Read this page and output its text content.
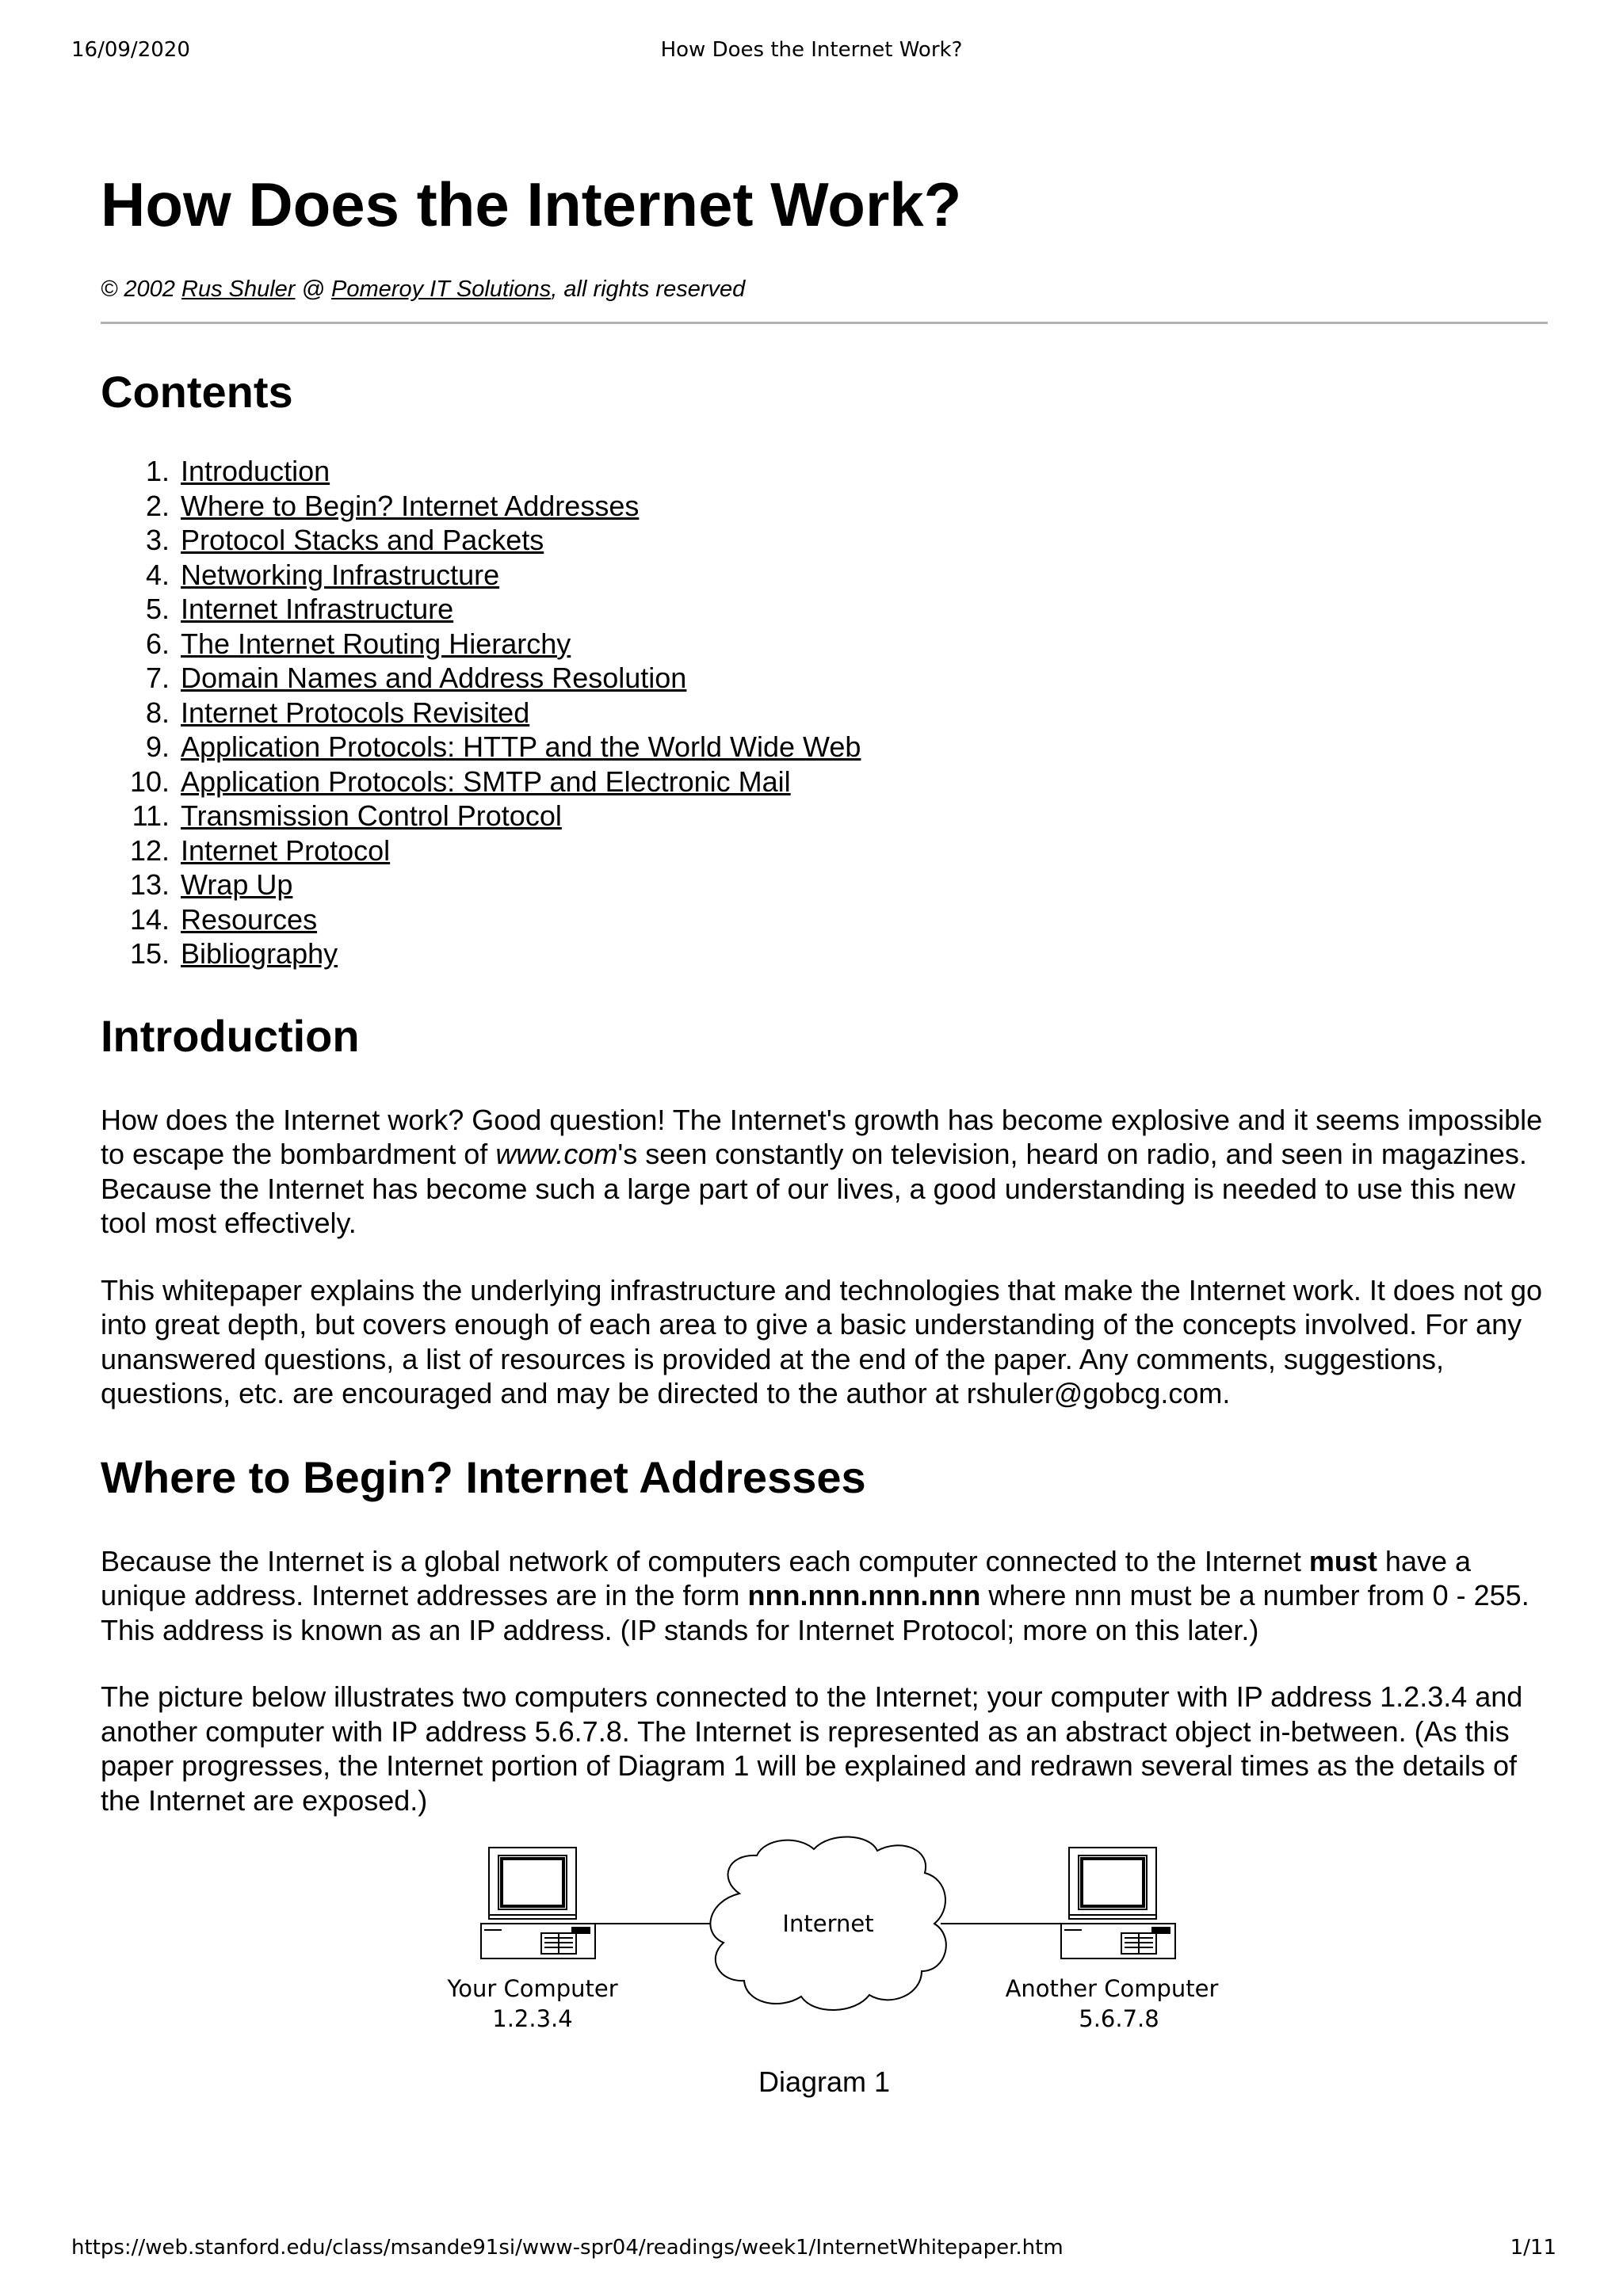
16/09/2020	How Does the Internet Work?
How Does the Internet Work?

© 2002 Rus Shuler @ Pomeroy IT Solutions, all rights reserved

Contents
1. Introduction
2. Where to Begin? Internet Addresses
3. Protocol Stacks and Packets
4. Networking Infrastructure
5. Internet Infrastructure
6. The Internet Routing Hierarchy
7. Domain Names and Address Resolution
8. Internet Protocols Revisited
9. Application Protocols: HTTP and the World Wide Web
10. Application Protocols: SMTP and Electronic Mail
11. Transmission Control Protocol
12. Internet Protocol
13. Wrap Up
14. Resources
15. Bibliography
Introduction

How does the Internet work? Good question! The Internet's growth has become explosive and it seems impossible to escape the bombardment of www.com's seen constantly on television, heard on radio, and seen in magazines. Because the Internet has become such a large part of our lives, a good understanding is needed to use this new tool most effectively.

This whitepaper explains the underlying infrastructure and technologies that make the Internet work. It does not go into great depth, but covers enough of each area to give a basic understanding of the concepts involved. For any unanswered questions, a list of resources is provided at the end of the paper. Any comments, suggestions, questions, etc. are encouraged and may be directed to the author at rshuler@gobcg.com.

Where to Begin? Internet Addresses

Because the Internet is a global network of computers each computer connected to the Internet must have a unique address. Internet addresses are in the form nnn.nnn.nnn.nnn where nnn must be a number from 0 - 255. This address is known as an IP address. (IP stands for Internet Protocol; more on this later.)

The picture below illustrates two computers connected to the Internet; your computer with IP address 1.2.3.4 and another computer with IP address 5.6.7.8. The Internet is represented as an abstract object in-between. (As this paper progresses, the Internet portion of Diagram 1 will be explained and redrawn several times as the details of the Internet are exposed.)

Internet
Your Computer
1.2.3.4
Another Computer
5.6.7.8
Diagram 1
https://web.stanford.edu/class/msande91si/www-spr04/readings/week1/InternetWhitepaper.htm	1/11
